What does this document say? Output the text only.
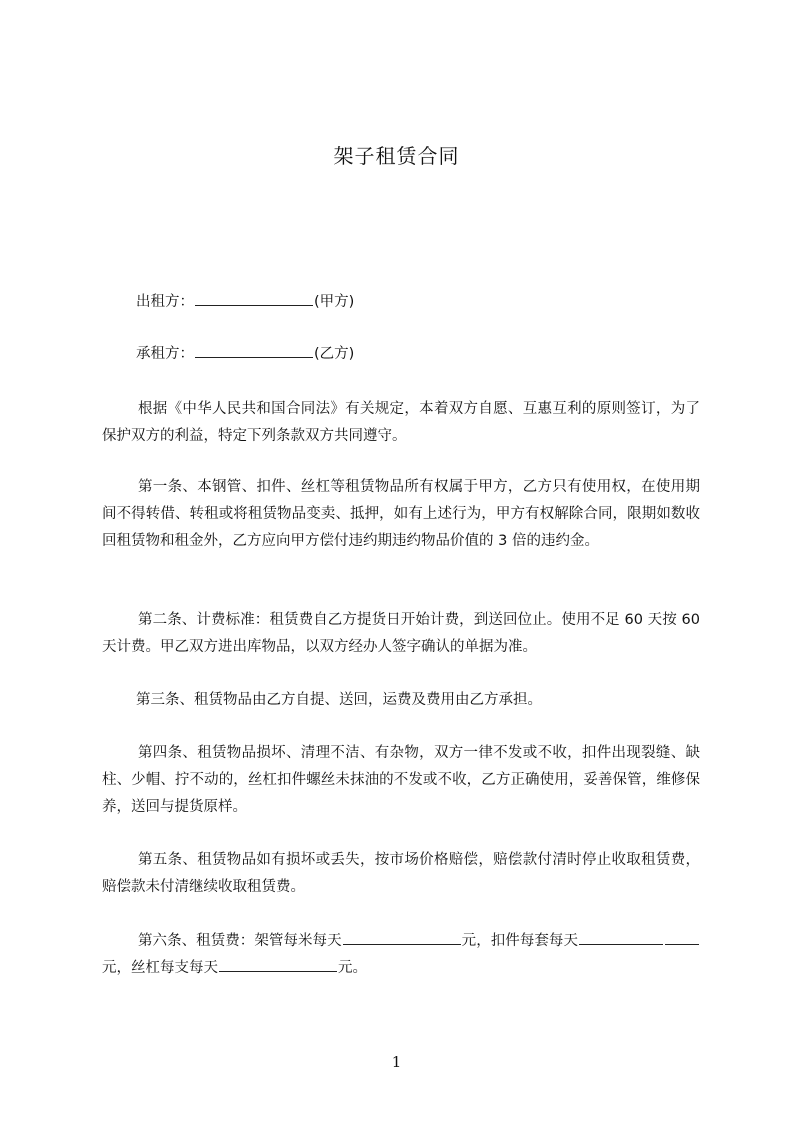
架子租赁合同

出租方：	(甲方)

承租方：	(乙方)

根据《中华人民共和国合同法》有关规定，本着双方自愿、互惠互利的原则签订，为了保护双方的利益，特定下列条款双方共同遵守。

第一条、本钢管、扣件、丝杠等租赁物品所有权属于甲方，乙方只有使用权，在使用期间不得转借、转租或将租赁物品变卖、抵押，如有上述行为，甲方有权解除合同，限期如数收回租赁物和租金外，乙方应向甲方偿付违约期违约物品价值的 3 倍的违约金。

第二条、计费标准：租赁费自乙方提货日开始计费，到送回位止。使用不足 60 天按 60 天计费。甲乙双方进出库物品，以双方经办人签字确认的单据为准。

第三条、租赁物品由乙方自提、送回，运费及费用由乙方承担。

第四条、租赁物品损坏、清理不洁、有杂物，双方一律不发或不收，扣件出现裂缝、缺柱、少帽、拧不动的，丝杠扣件螺丝未抹油的不发或不收，乙方正确使用，妥善保管，维修保养，送回与提货原样。

第五条、租赁物品如有损坏或丢失，按市场价格赔偿，赔偿款付清时停止收取租赁费，赔偿款未付清继续收取租赁费。

第六条、租赁费：架管每米每天	元，扣件每套每天元，丝杠每支每天	元。

1
